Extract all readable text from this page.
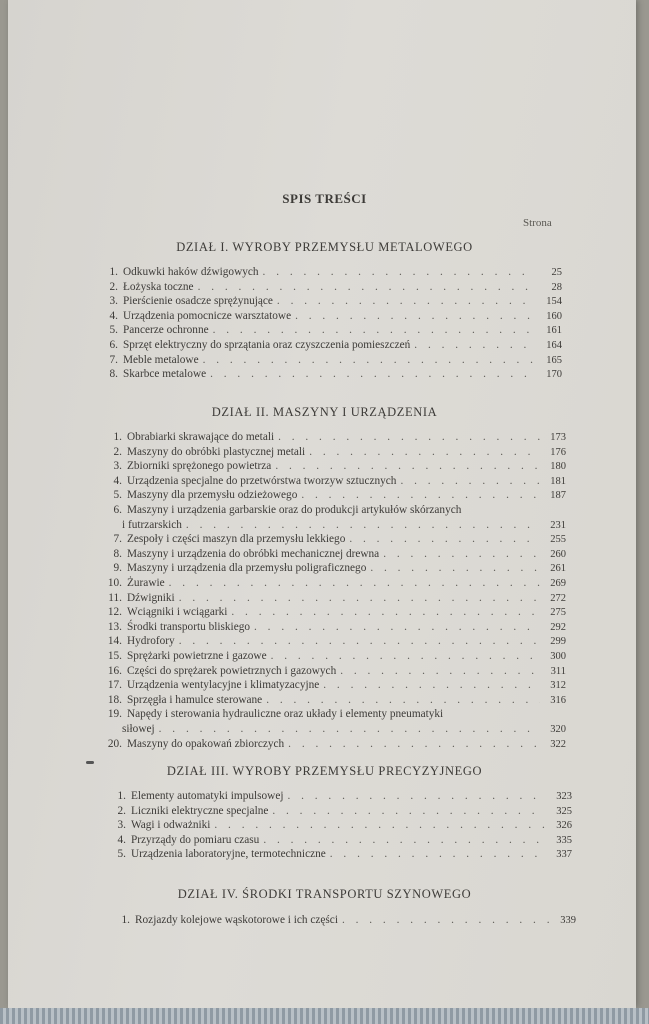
SPIS TREŚCI
Strona
DZIAŁ I. WYROBY PRZEMYSŁU METALOWEGO
1. Odkuwki haków dźwigowych . . .	25
2. Łożyska toczne . . .	28
3. Pierścienie osadcze sprężynujące . . .	154
4. Urządzenia pomocnicze warsztatowe . . .	160
5. Pancerze ochronne . . .	161
6. Sprzęt elektryczny do sprzątania oraz czyszczenia pomieszczeń . . .	164
7. Meble metalowe . . .	165
8. Skarbce metalowe . . .	170
DZIAŁ II. MASZYNY I URZĄDZENIA
1. Obrabiarki skrawające do metali . . .	173
2. Maszyny do obróbki plastycznej metali . . .	176
3. Zbiorniki sprężonego powietrza . . .	180
4. Urządzenia specjalne do przetwórstwa tworzyw sztucznych . . .	181
5. Maszyny dla przemysłu odzieżowego . . .	187
6. Maszyny i urządzenia garbarskie oraz do produkcji artykułów skórzanych
i futrzarskich . . .	231
7. Zespoły i części maszyn dla przemysłu lekkiego . . .	255
8. Maszyny i urządzenia do obróbki mechanicznej drewna . . .	260
9. Maszyny i urządzenia dla przemysłu poligraficznego . . .	261
10. Żurawie . . .	269
11. Dźwigniki . . .	272
12. Wciągniki i wciągarki . . .	275
13. Środki transportu bliskiego . . .	292
14. Hydrofory . . .	299
15. Sprężarki powietrzne i gazowe . . .	300
16. Części do sprężarek powietrznych i gazowych . . .	311
17. Urządzenia wentylacyjne i klimatyzacyjne . . .	312
18. Sprzęgła i hamulce sterowane . . .	316
19. Napędy i sterowania hydrauliczne oraz układy i elementy pneumatyki
siłowej . . .	320
20. Maszyny do opakowań zbiorczych . . .	322
DZIAŁ III. WYROBY PRZEMYSŁU PRECYZYJNEGO
1. Elementy automatyki impulsowej . . .	323
2. Liczniki elektryczne specjalne . . .	325
3. Wagi i odważniki . . .	326
4. Przyrządy do pomiaru czasu . . .	335
5. Urządzenia laboratoryjne, termotechniczne . . .	337
DZIAŁ IV. ŚRODKI TRANSPORTU SZYNOWEGO
1. Rozjazdy kolejowe wąskotorowe i ich części . . .	339
